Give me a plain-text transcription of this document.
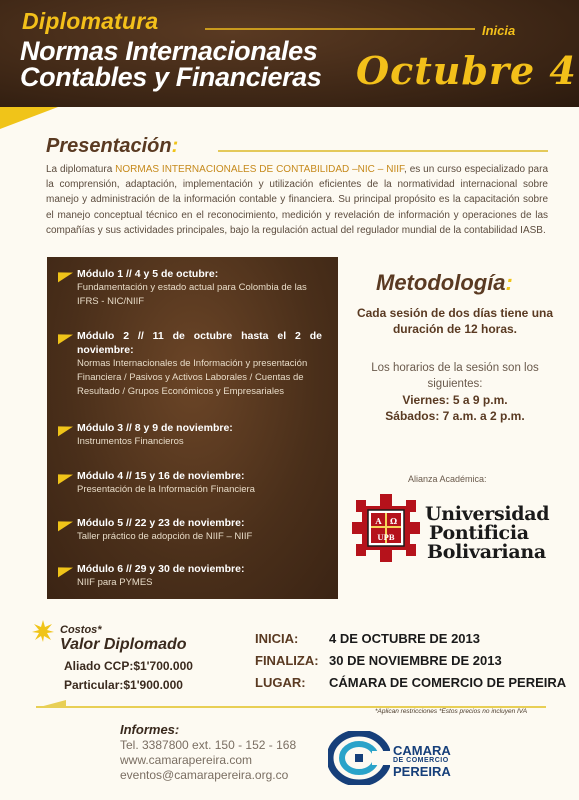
Diplomatura	Inicia
Normas Internacionales
Contables y Financieras Octubre 4
Presentación:
La diplomatura NORMAS INTERNACIONALES DE CONTABILIDAD –NIC – NIIF, es un curso especializado para la comprensión, adaptación, implementación y utilización eficientes de la normatividad internacional sobre manejo y administración de la información contable y financiera. Su principal propósito es la capacitación sobre el manejo conceptual técnico en el reconocimiento, medición y revelación de información y operaciones de las compañías y sus actividades principales, bajo la regulación actual del regulador mundial de la contabilidad IASB.
Módulo 1 // 4 y 5 de octubre:
Fundamentación y estado actual para Colombia de las IFRS - NIC/NIIF
Módulo 2 // 11 de octubre hasta el 2 de noviembre:
Normas Internacionales de Información y presentación Financiera / Pasivos y Activos Laborales / Cuentas de Resultado / Grupos Económicos y Empresariales
Módulo 3 // 8 y 9 de noviembre:
Instrumentos Financieros
Módulo 4 // 15 y 16 de noviembre:
Presentación de la Información Financiera
Módulo 5 // 22 y 23 de noviembre:
Taller práctico de adopción de NIIF – NIIF
Módulo 6 // 29 y 30 de noviembre:
NIIF para PYMES
Metodología:
Cada sesión de dos días tiene una duración de 12 horas.
Los horarios de la sesión son los siguientes:
Viernes: 5 a 9 p.m.
Sábados: 7 a.m. a 2 p.m.
Alianza Académica:
A Ω
UPB
Universidad
Pontificia
Bolivariana
Costos*
Valor Diplomado
Aliado CCP:$1'700.000
Particular:$1'900.000
INICIA: 4 DE OCTUBRE DE 2013
FINALIZA: 30 DE NOVIEMBRE DE 2013
LUGAR: CÁMARA DE COMERCIO DE PEREIRA
*Aplican restricciones *Estos precios no incluyen IVA
Informes:
Tel. 3387800 ext. 150 - 152 - 168
www.camarapereira.com
eventos@camarapereira.org.co
CAMARA
DE COMERCIO
PEREIRA
